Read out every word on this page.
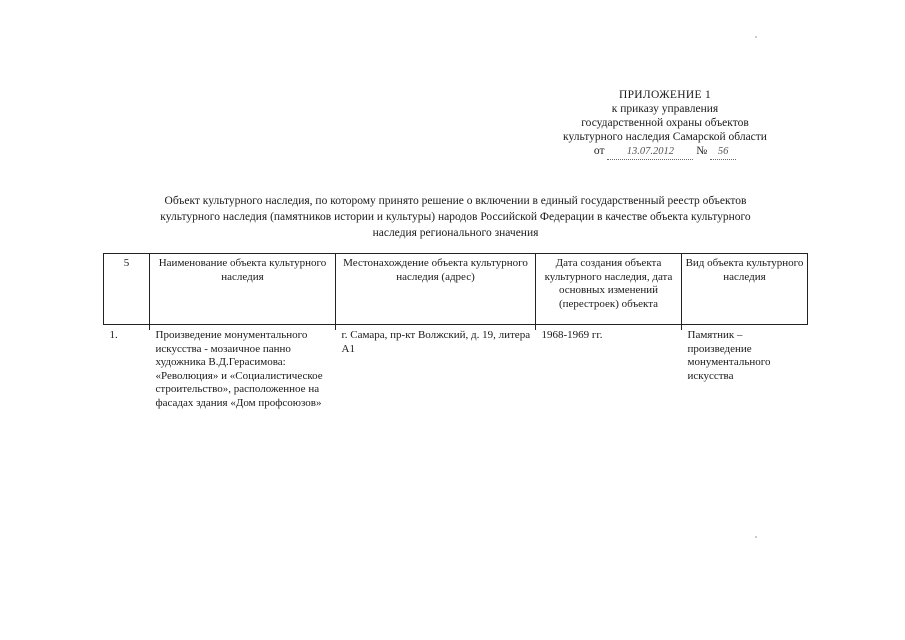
ПРИЛОЖЕНИЕ 1
к приказу управления
государственной охраны объектов
культурного наследия Самарской области
от 13.07.2012 № 56
Объект культурного наследия, по которому принято решение о включении в единый государственный реестр объектов
культурного наследия (памятников истории и культуры) народов Российской Федерации в качестве объекта культурного
наследия регионального значения
5	Наименование объекта культурного наследия	Местонахождение объекта культурного наследия (адрес)	Дата создания объекта культурного наследия, дата основных изменений (перестроек) объекта	Вид объекта культурного наследия
1.	Произведение монументального искусства - мозаичное панно художника В.Д.Герасимова: «Революция» и «Социалистическое строительство», расположенное на фасадах здания «Дом профсоюзов»	г. Самара, пр-кт Волжский, д. 19, литера А1	1968-1969 гг.	Памятник – произведение монументального искусства
